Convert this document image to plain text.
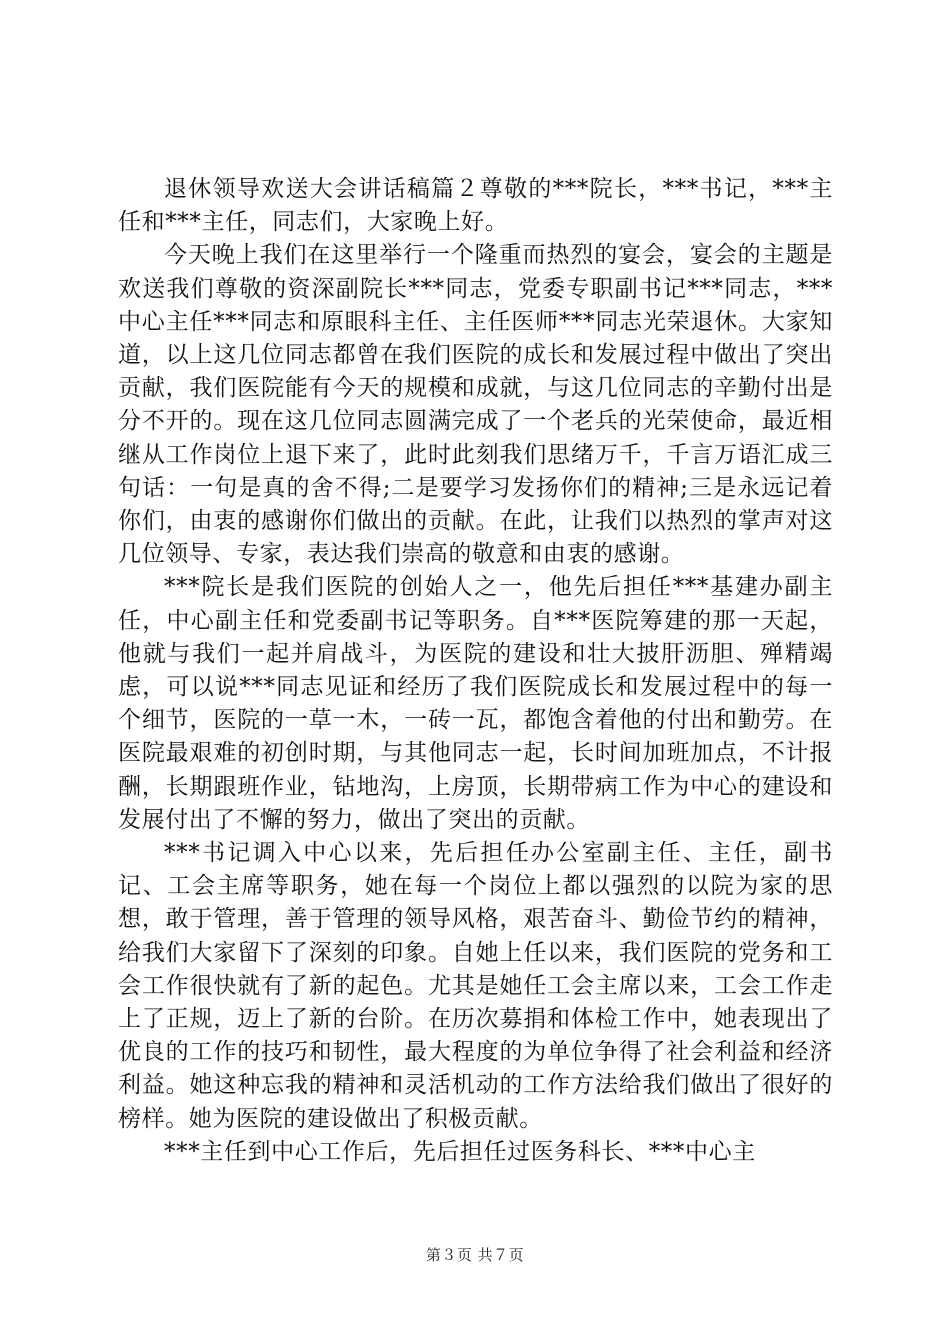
退休领导欢送大会讲话稿篇２尊敬的***院长，***书记，***主任和***主任，同志们，大家晚上好。

今天晚上我们在这里举行一个隆重而热烈的宴会，宴会的主题是欢送我们尊敬的资深副院长***同志，党委专职副书记***同志，***中心主任***同志和原眼科主任、主任医师***同志光荣退休。大家知道，以上这几位同志都曾在我们医院的成长和发展过程中做出了突出贡献，我们医院能有今天的规模和成就，与这几位同志的辛勤付出是分不开的。现在这几位同志圆满完成了一个老兵的光荣使命，最近相继从工作岗位上退下来了，此时此刻我们思绪万千，千言万语汇成三句话：一句是真的舍不得;二是要学习发扬你们的精神;三是永远记着你们，由衷的感谢你们做出的贡献。在此，让我们以热烈的掌声对这几位领导、专家，表达我们崇高的敬意和由衷的感谢。

***院长是我们医院的创始人之一，他先后担任***基建办副主任，中心副主任和党委副书记等职务。自***医院筹建的那一天起，他就与我们一起并肩战斗，为医院的建设和壮大披肝沥胆、殚精竭虑，可以说***同志见证和经历了我们医院成长和发展过程中的每一个细节，医院的一草一木，一砖一瓦，都饱含着他的付出和勤劳。在医院最艰难的初创时期，与其他同志一起，长时间加班加点，不计报酬，长期跟班作业，钻地沟，上房顶，长期带病工作为中心的建设和发展付出了不懈的努力，做出了突出的贡献。

***书记调入中心以来，先后担任办公室副主任、主任，副书记、工会主席等职务，她在每一个岗位上都以强烈的以院为家的思想，敢于管理，善于管理的领导风格，艰苦奋斗、勤俭节约的精神，给我们大家留下了深刻的印象。自她上任以来，我们医院的党务和工会工作很快就有了新的起色。尤其是她任工会主席以来，工会工作走上了正规，迈上了新的台阶。在历次募捐和体检工作中，她表现出了优良的工作的技巧和韧性，最大程度的为单位争得了社会利益和经济利益。她这种忘我的精神和灵活机动的工作方法给我们做出了很好的榜样。她为医院的建设做出了积极贡献。

***主任到中心工作后，先后担任过医务科长、***中心主

第３页 共７页
